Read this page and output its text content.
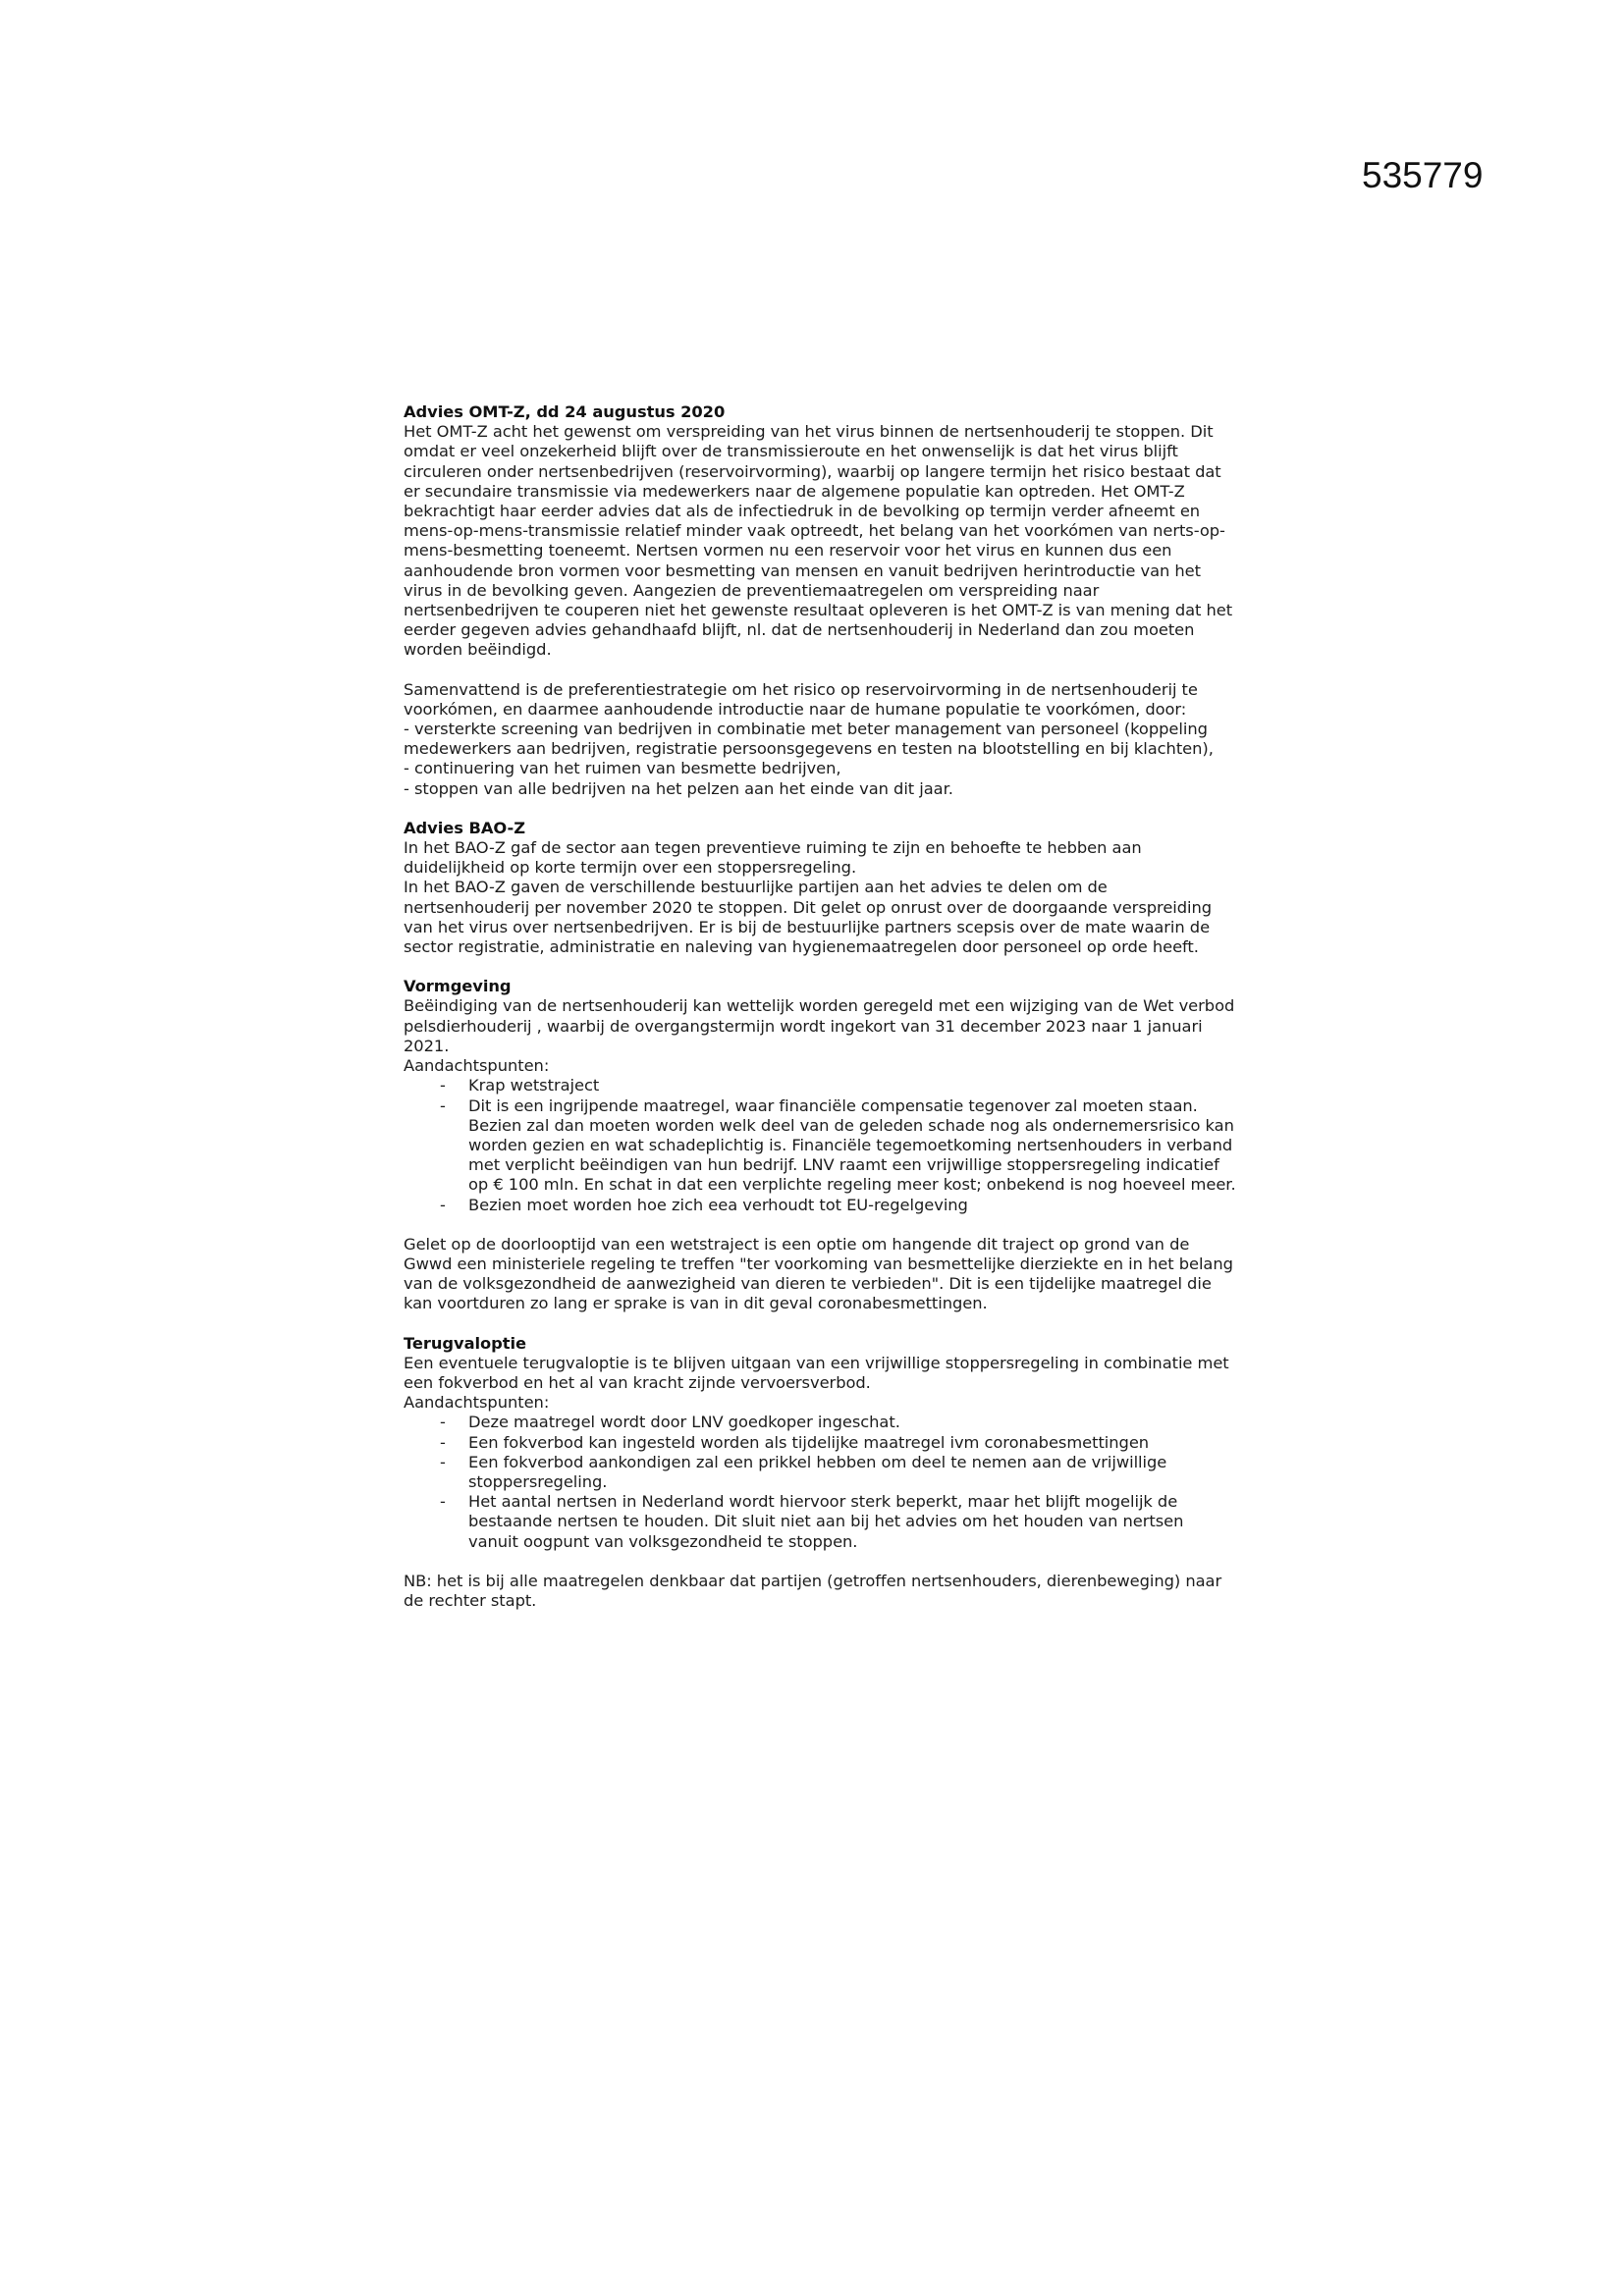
535779
Advies OMT-Z, dd 24 augustus 2020

Het OMT-Z acht het gewenst om verspreiding van het virus binnen de nertsenhouderij te stoppen. Dit omdat er veel onzekerheid blijft over de transmissieroute en het onwenselijk is dat het virus blijft circuleren onder nertsenbedrijven (reservoirvorming), waarbij op langere termijn het risico bestaat dat er secundaire transmissie via medewerkers naar de algemene populatie kan optreden. Het OMT-Z bekrachtigt haar eerder advies dat als de infectiedruk in de bevolking op termijn verder afneemt en mens-op-mens-transmissie relatief minder vaak optreedt, het belang van het voorkómen van nerts-op-mens-besmetting toeneemt. Nertsen vormen nu een reservoir voor het virus en kunnen dus een aanhoudende bron vormen voor besmetting van mensen en vanuit bedrijven herintroductie van het virus in de bevolking geven. Aangezien de preventiemaatregelen om verspreiding naar nertsenbedrijven te couperen niet het gewenste resultaat opleveren is het OMT-Z is van mening dat het eerder gegeven advies gehandhaafd blijft, nl. dat de nertsenhouderij in Nederland dan zou moeten worden beëindigd.

Samenvattend is de preferentiestrategie om het risico op reservoirvorming in de nertsenhouderij te voorkómen, en daarmee aanhoudende introductie naar de humane populatie te voorkómen, door:

- versterkte screening van bedrijven in combinatie met beter management van personeel (koppeling medewerkers aan bedrijven, registratie persoonsgegevens en testen na blootstelling en bij klachten),

- continuering van het ruimen van besmette bedrijven,

- stoppen van alle bedrijven na het pelzen aan het einde van dit jaar.

Advies BAO-Z

In het BAO-Z gaf de sector aan tegen preventieve ruiming te zijn en behoefte te hebben aan duidelijkheid op korte termijn over een stoppersregeling.

In het BAO-Z gaven de verschillende bestuurlijke partijen aan het advies te delen om de nertsenhouderij per november 2020 te stoppen. Dit gelet op onrust over de doorgaande verspreiding van het virus over nertsenbedrijven. Er is bij de bestuurlijke partners scepsis over de mate waarin de sector registratie, administratie en naleving van hygienemaatregelen door personeel op orde heeft.

Vormgeving

Beëindiging van de nertsenhouderij kan wettelijk worden geregeld met een wijziging van de Wet verbod pelsdierhouderij , waarbij de overgangstermijn wordt ingekort van 31 december 2023 naar 1 januari 2021.

Aandachtspunten:

- Krap wetstraject
- Dit is een ingrijpende maatregel, waar financiële compensatie tegenover zal moeten staan. Bezien zal dan moeten worden welk deel van de geleden schade nog als ondernemersrisico kan worden gezien en wat schadeplichtig is. Financiële tegemoetkoming nertsenhouders in verband met verplicht beëindigen van hun bedrijf. LNV raamt een vrijwillige stoppersregeling indicatief op € 100 mln. En schat in dat een verplichte regeling meer kost; onbekend is nog hoeveel meer.
- Bezien moet worden hoe zich eea verhoudt tot EU-regelgeving

Gelet op de doorlooptijd van een wetstraject is een optie om hangende dit traject op grond van de Gwwd een ministeriele regeling te treffen "ter voorkoming van besmettelijke dierziekte en in het belang van de volksgezondheid de aanwezigheid van dieren te verbieden". Dit is een tijdelijke maatregel die kan voortduren zo lang er sprake is van in dit geval coronabesmettingen.

Terugvaloptie

Een eventuele terugvaloptie is te blijven uitgaan van een vrijwillige stoppersregeling in combinatie met een fokverbod en het al van kracht zijnde vervoersverbod.

Aandachtspunten:

- Deze maatregel wordt door LNV goedkoper ingeschat.
- Een fokverbod kan ingesteld worden als tijdelijke maatregel ivm coronabesmettingen
- Een fokverbod aankondigen zal een prikkel hebben om deel te nemen aan de vrijwillige stoppersregeling.
- Het aantal nertsen in Nederland wordt hiervoor sterk beperkt, maar het blijft mogelijk de bestaande nertsen te houden. Dit sluit niet aan bij het advies om het houden van nertsen vanuit oogpunt van volksgezondheid te stoppen.

NB: het is bij alle maatregelen denkbaar dat partijen (getroffen nertsenhouders, dierenbeweging) naar de rechter stapt.
